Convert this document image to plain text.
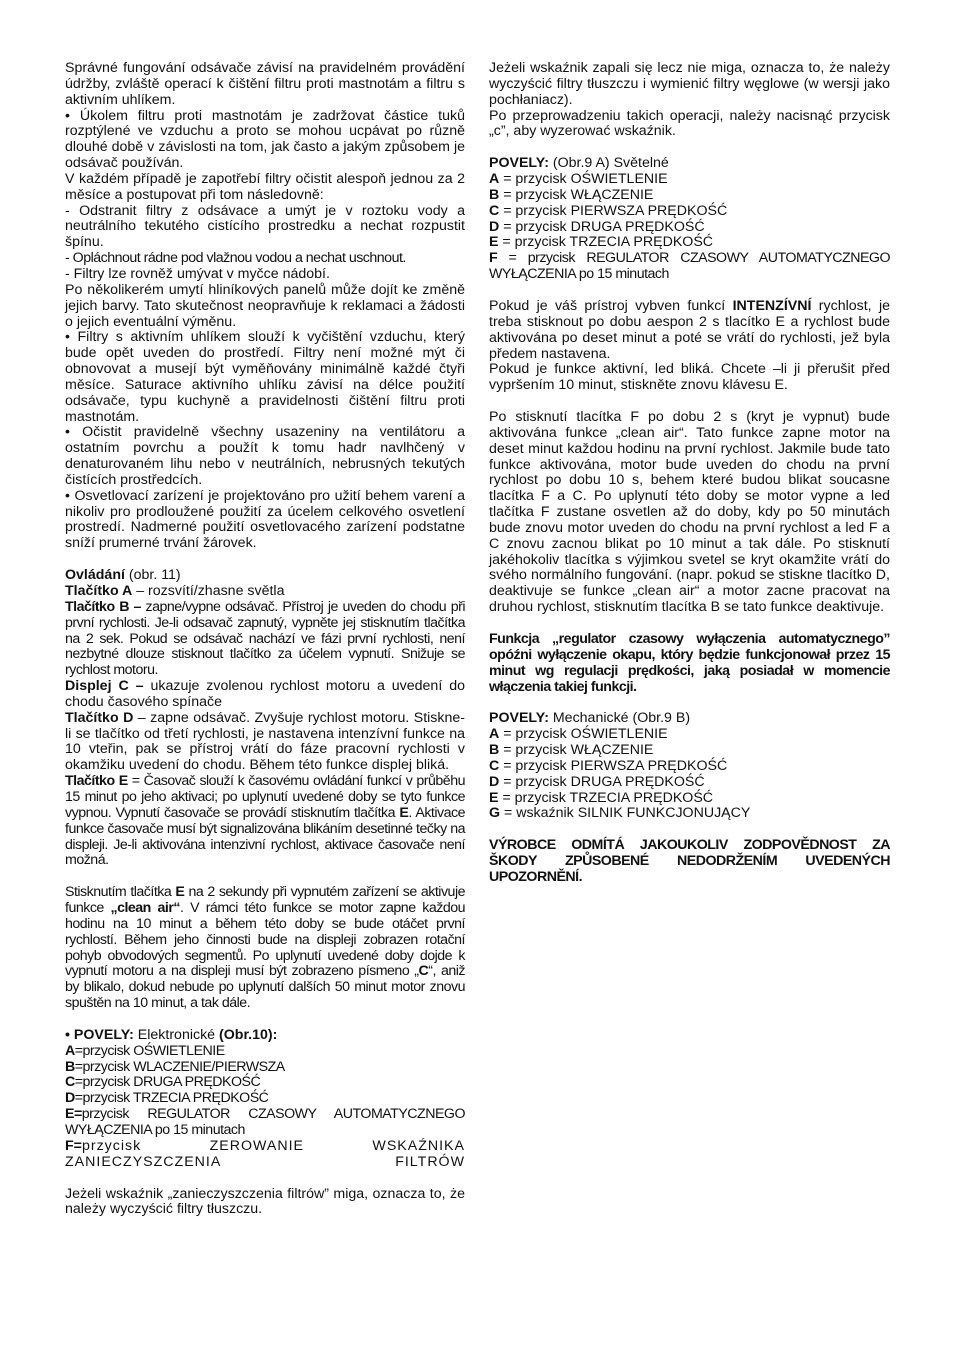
Správné fungování odsávače závisí na pravidelném provádění údržby, zvláště operací k čištění filtru proti mastnotám a filtru s aktivním uhlíkem.

• Úkolem filtru proti mastnotám je zadržovat částice tuků rozptýlené ve vzduchu a proto se mohou ucpávat po různě dlouhé době v závislosti na tom, jak často a jakým způsobem je odsávač používán.

V každém případě je zapotřebí filtry očistit alespoň jednou za 2 měsíce a postupovat při tom následovně:

- Odstranit filtry z odsávace a umýt je v roztoku vody a neutrálního tekutého cistícího prostredku a nechat rozpustit špínu.

- Opláchnout rádne pod vlažnou vodou a nechat uschnout.

- Filtry lze rovněž umývat v myčce nádobí.

Po několikerém umytí hliníkových panelů může dojít ke změně jejich barvy. Tato skutečnost neopravňuje k reklamaci a žádosti o jejich eventuální výměnu.

• Filtry s aktivním uhlíkem slouží k vyčištění vzduchu, který bude opět uveden do prostředí. Filtry není možné mýt či obnovovat a musejí být vyměňovány minimálně každé čtyři měsíce. Saturace aktivního uhlíku závisí na délce použití odsávače, typu kuchyně a pravidelnosti čištění filtru proti mastnotám.

• Očistit pravidelně všechny usazeniny na ventilátoru a ostatním povrchu a použít k tomu hadr navlhčený v denaturovaném lihu nebo v neutrálních, nebrusných tekutých čistících prostředcích.

• Osvetlovací zarízení je projektováno pro užití behem varení a nikoliv pro prodloužené použití za úcelem celkového osvetlení prostredí. Nadmerné použití osvetlovacého zarízení podstatne sníží prumerné trvání žárovek.

Ovládání (obr. 11)

Tlačítko A – rozsvítí/zhasne světla

Tlačítko B – zapne/vypne odsávač. Přístroj je uveden do chodu při první rychlosti. Je-li odsavač zapnutý, vypněte jej stisknutím tlačítka na 2 sek. Pokud se odsávač nachází ve fázi první rychlosti, není nezbytné dlouze stisknout tlačítko za účelem vypnutí. Snižuje se rychlost motoru.

Displej C – ukazuje zvolenou rychlost motoru a uvedení do chodu časového spínače

Tlačítko D – zapne odsávač. Zvyšuje rychlost motoru. Stiskne-li se tlačítko od třetí rychlosti, je nastavena intenzívní funkce na 10 vteřin, pak se přístroj vrátí do fáze pracovní rychlosti v okamžiku uvedení do chodu. Během této funkce displej bliká.

Tlačítko E = Časovač slouží k časovému ovládání funkcí v průběhu 15 minut po jeho aktivaci; po uplynutí uvedené doby se tyto funkce vypnou. Vypnutí časovače se provádí stisknutím tlačítka E. Aktivace funkce časovače musí být signalizována blikáním desetinné tečky na displeji. Je-li aktivována intenzivní rychlost, aktivace časovače není možná.

Stisknutím tlačítka E na 2 sekundy při vypnutém zařízení se aktivuje funkce „clean air“. V rámci této funkce se motor zapne každou hodinu na 10 minut a během této doby se bude otáčet první rychlostí. Během jeho činnosti bude na displeji zobrazen rotační pohyb obvodových segmentů. Po uplynutí uvedené doby dojde k vypnutí motoru a na displeji musí být zobrazeno písmeno „C“, aniž by blikalo, dokud nebude po uplynutí dalších 50 minut motor znovu spuštěn na 10 minut, a tak dále.

• POVELY: Elektronické (Obr.10):

A=przycisk OŚWIETLENIE

B=przycisk WLACZENIE/PIERWSZA

C=przycisk DRUGA PRĘDKOŚĆ

D=przycisk TRZECIA PRĘDKOŚĆ

E=przycisk REGULATOR CZASOWY AUTOMATYCZNEGO WYŁĄCZENIA po 15 minutach

F=przycisk ZEROWANIE WSKAŹNIKA ZANIECZYSZCZENIA FILTRÓW

Jeżeli wskaźnik „zanieczyszczenia filtrów” miga, oznacza to, że należy wyczyścić filtry tłuszczu.

Jeżeli wskaźnik zapali się lecz nie miga, oznacza to, że należy wyczyścić filtry tłuszczu i wymienić filtry węglowe (w wersji jako pochłaniacz).

Po przeprowadzeniu takich operacji, należy nacisnąć przycisk „c”, aby wyzerować wskaźnik.

POVELY: (Obr.9 A) Světelné

A = przycisk OŚWIETLENIE

B = przycisk WŁĄCZENIE

C = przycisk PIERWSZA PRĘDKOŚĆ

D = przycisk DRUGA PRĘDKOŚĆ

E = przycisk TRZECIA PRĘDKOŚĆ

F = przycisk REGULATOR CZASOWY AUTOMATYCZNEGO WYŁĄCZENIA po 15 minutach

Pokud je váš prístroj vybven funkcí INTENZÍVNÍ rychlost, je treba stisknout po dobu aespon 2 s tlacítko E a rychlost bude aktivována po deset minut a poté se vrátí do rychlosti, jež byla předem nastavena.

Pokud je funkce aktivní, led bliká. Chcete –li ji přerušit před vypršením 10 minut, stiskněte znovu klávesu E.

Po stisknutí tlacítka F po dobu 2 s (kryt je vypnut) bude aktivována funkce „clean air“. Tato funkce zapne motor na deset minut každou hodinu na první rychlost. Jakmile bude tato funkce aktivována, motor bude uveden do chodu na první rychlost po dobu 10 s, behem které budou blikat soucasne tlacítka F a C. Po uplynutí této doby se motor vypne a led tlačítka F zustane osvetlen až do doby, kdy po 50 minutách bude znovu motor uveden do chodu na první rychlost a led F a C znovu zacnou blikat po 10 minut a tak dále. Po stisknutí jakéhokoliv tlacítka s výjimkou svetel se kryt okamžite vrátí do svého normálního fungování. (napr. pokud se stiskne tlacítko D, deaktivuje se funkce „clean air“ a motor zacne pracovat na druhou rychlost, stisknutím tlacítka B se tato funkce deaktivuje.

Funkcja „regulator czasowy wyłączenia automatycznego” opóźni wyłączenie okapu, który będzie funkcjonował przez 15 minut wg regulacji prędkości, jaką posiadał w momencie włączenia takiej funkcji.

POVELY: Mechanické (Obr.9 B)

A = przycisk OŚWIETLENIE

B = przycisk WŁĄCZENIE

C = przycisk PIERWSZA PRĘDKOŚĆ

D = przycisk DRUGA PRĘDKOŚĆ

E = przycisk TRZECIA PRĘDKOŚĆ

G = wskaźnik SILNIK FUNKCJONUJĄCY

VÝROBCE ODMÍTÁ JAKOUKOLIV ZODPOVĚDNOST ZA ŠKODY ZPŮSOBENÉ NEDODRŽENÍM UVEDENÝCH UPOZORNĚNÍ.
